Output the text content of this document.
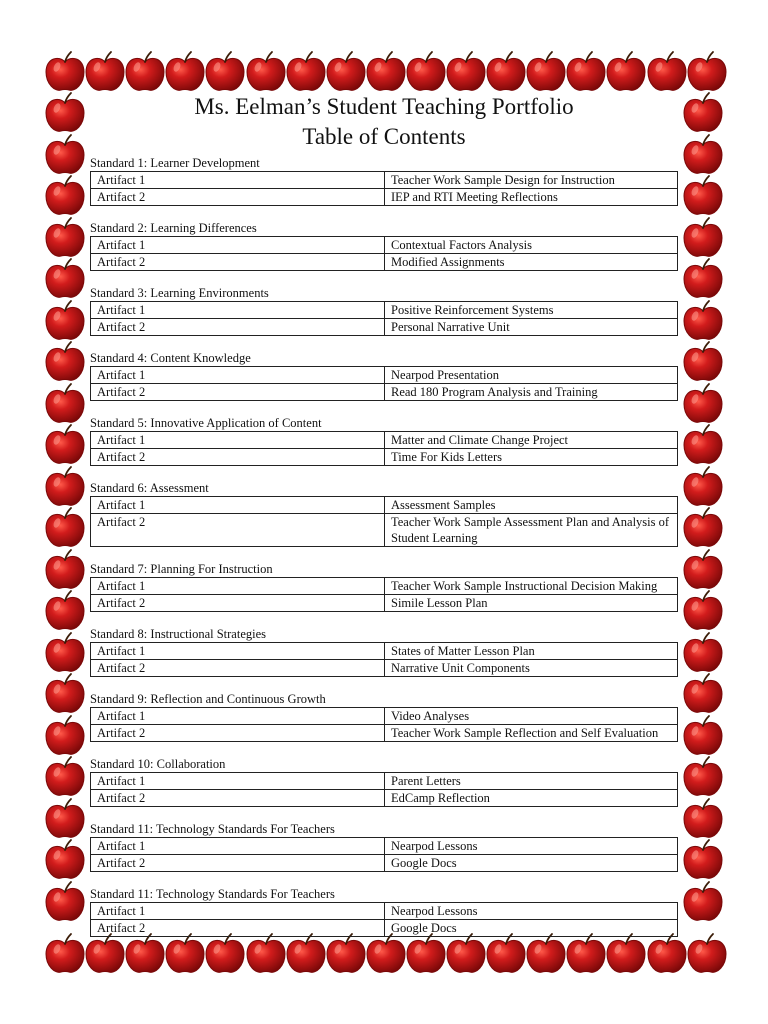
Ms. Eelman’s Student Teaching Portfolio
Table of Contents

Standard 1: Learner Development

Artifact 1	Teacher Work Sample Design for Instruction
Artifact 2	IEP and RTI Meeting Reflections

Standard 2: Learning Differences

Artifact 1	Contextual Factors Analysis
Artifact 2	Modified Assignments

Standard 3: Learning Environments

Artifact 1	Positive Reinforcement Systems
Artifact 2	Personal Narrative Unit

Standard 4: Content Knowledge

Artifact 1	Nearpod Presentation
Artifact 2	Read 180 Program Analysis and Training

Standard 5: Innovative Application of Content

Artifact 1	Matter and Climate Change Project
Artifact 2	Time For Kids Letters

Standard 6: Assessment

Artifact 1	Assessment Samples
Artifact 2	Teacher Work Sample Assessment Plan and Analysis of Student Learning

Standard 7: Planning For Instruction

Artifact 1	Teacher Work Sample Instructional Decision Making
Artifact 2	Simile Lesson Plan

Standard 8: Instructional Strategies

Artifact 1	States of Matter Lesson Plan
Artifact 2	Narrative Unit Components

Standard 9: Reflection and Continuous Growth

Artifact 1	Video Analyses
Artifact 2	Teacher Work Sample Reflection and Self Evaluation

Standard 10: Collaboration

Artifact 1	Parent Letters
Artifact 2	EdCamp Reflection

Standard 11: Technology Standards For Teachers

Artifact 1	Nearpod Lessons
Artifact 2	Google Docs

Standard 11: Technology Standards For Teachers

Artifact 1	Nearpod Lessons
Artifact 2	Google Docs
